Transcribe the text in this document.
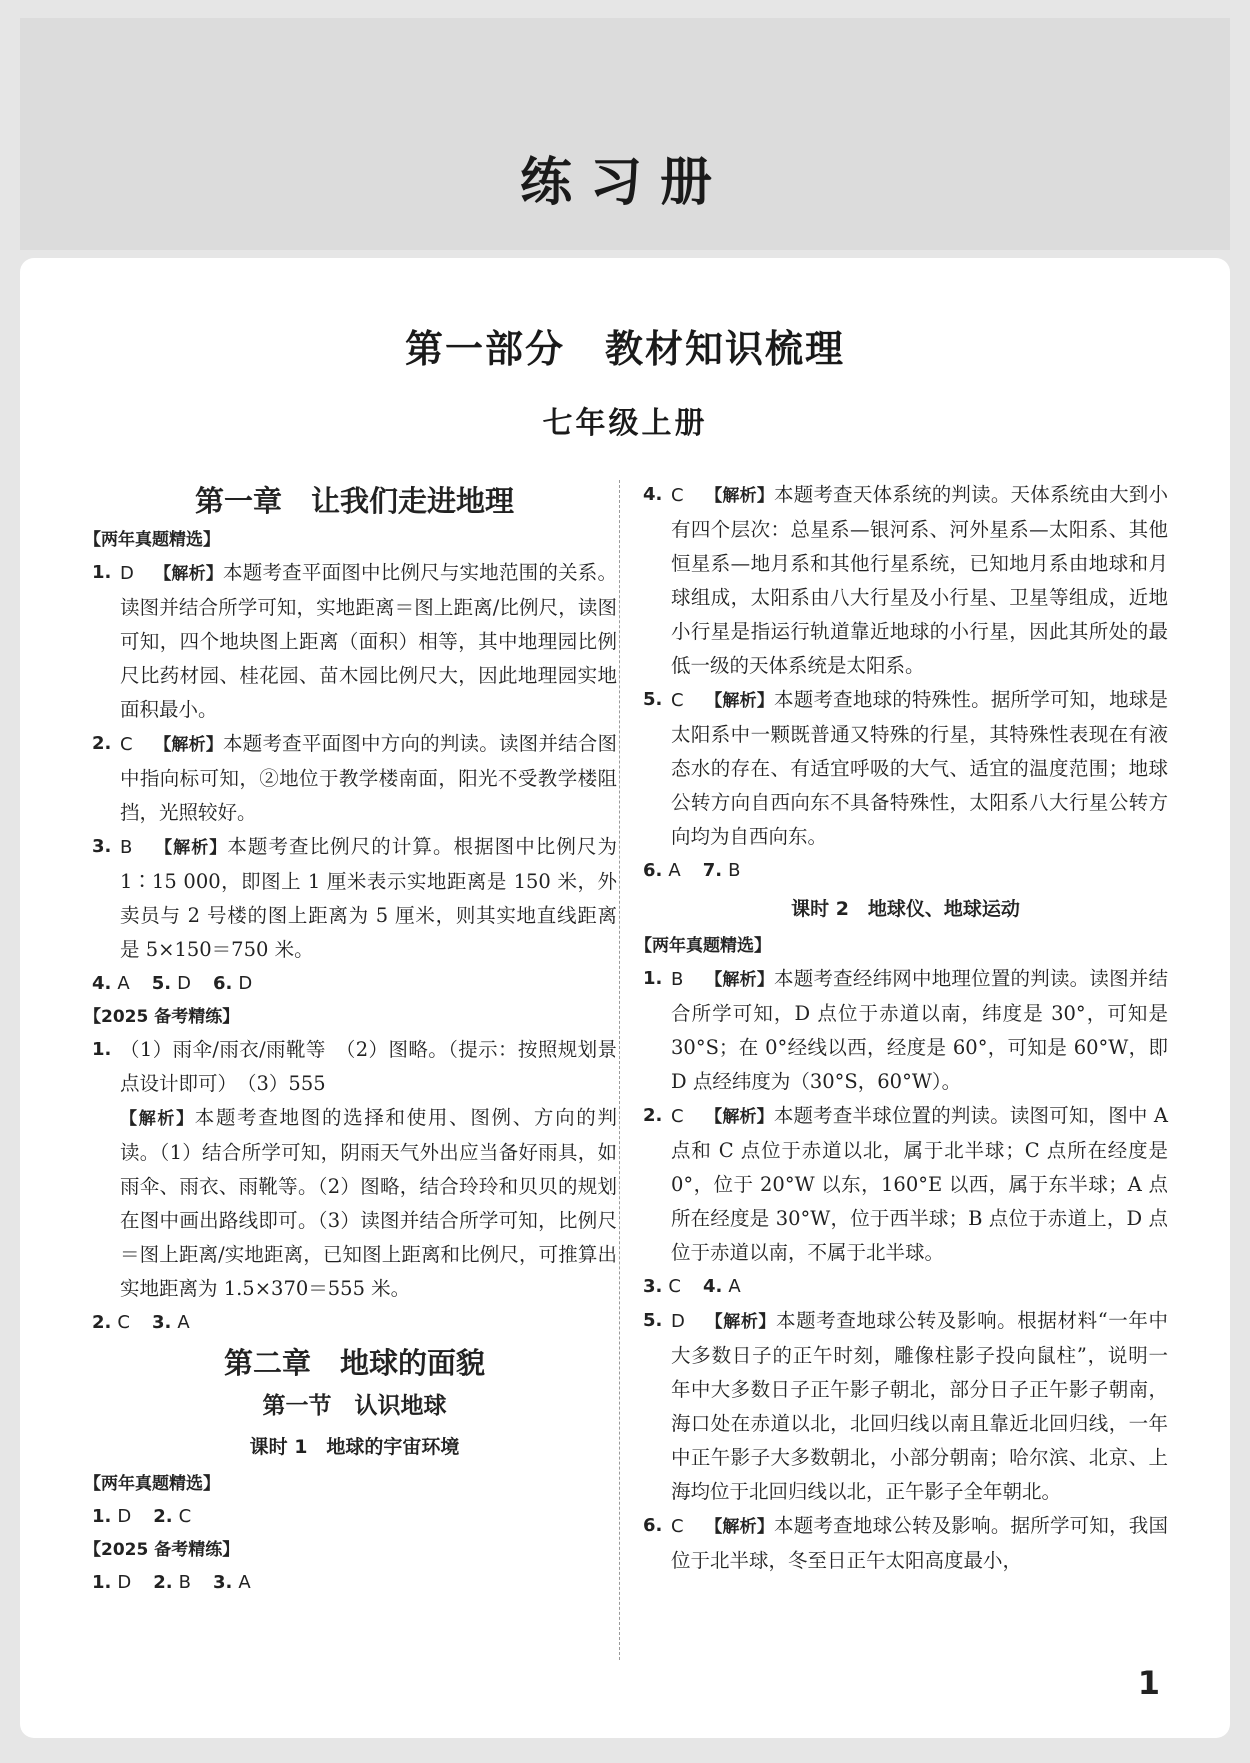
练习册
第一部分 教材知识梳理
七年级上册
第一章　让我们走进地理
【两年真题精选】
1. D 【解析】本题考查平面图中比例尺与实地范围的关系。读图并结合所学可知，实地距离＝图上距离/比例尺，读图可知，四个地块图上距离（面积）相等，其中地理园比例尺比药材园、桂花园、苗木园比例尺大，因此地理园实地面积最小。
2. C 【解析】本题考查平面图中方向的判读。读图并结合图中指向标可知，②地位于教学楼南面，阳光不受教学楼阻挡，光照较好。
3. B 【解析】本题考查比例尺的计算。根据图中比例尺为 1∶15 000，即图上 1 厘米表示实地距离是 150 米，外卖员与 2 号楼的图上距离为 5 厘米，则其实地直线距离是 5×150＝750 米。
4. A 5. D 6. D
【2025 备考精练】
1. （1）雨伞/雨衣/雨靴等　（2）图略。（提示：按照规划景点设计即可）　（3）555
【解析】本题考查地图的选择和使用、图例、方向的判读。（1）结合所学可知，阴雨天气外出应当备好雨具，如雨伞、雨衣、雨靴等。（2）图略，结合玲玲和贝贝的规划在图中画出路线即可。（3）读图并结合所学可知，比例尺＝图上距离/实地距离，已知图上距离和比例尺，可推算出实地距离为 1.5×370＝555 米。
2. C 3. A
第二章　地球的面貌
第一节　认识地球
课时 1　地球的宇宙环境
【两年真题精选】
1. D 2. C
【2025 备考精练】
1. D 2. B 3. A
4. C 【解析】本题考查天体系统的判读。天体系统由大到小有四个层次：总星系—银河系、河外星系—太阳系、其他恒星系—地月系和其他行星系统，已知地月系由地球和月球组成，太阳系由八大行星及小行星、卫星等组成，近地小行星是指运行轨道靠近地球的小行星，因此其所处的最低一级的天体系统是太阳系。
5. C 【解析】本题考查地球的特殊性。据所学可知，地球是太阳系中一颗既普通又特殊的行星，其特殊性表现在有液态水的存在、有适宜呼吸的大气、适宜的温度范围；地球公转方向自西向东不具备特殊性，太阳系八大行星公转方向均为自西向东。
6. A 7. B
课时 2　地球仪、地球运动
【两年真题精选】
1. B 【解析】本题考查经纬网中地理位置的判读。读图并结合所学可知，D 点位于赤道以南，纬度是 30°，可知是 30°S；在 0°经线以西，经度是 60°，可知是 60°W，即 D 点经纬度为（30°S，60°W）。
2. C 【解析】本题考查半球位置的判读。读图可知，图中 A 点和 C 点位于赤道以北，属于北半球；C 点所在经度是 0°，位于 20°W 以东，160°E 以西，属于东半球；A 点所在经度是 30°W，位于西半球；B 点位于赤道上，D 点位于赤道以南，不属于北半球。
3. C 4. A
5. D 【解析】本题考查地球公转及影响。根据材料“一年中大多数日子的正午时刻，雕像柱影子投向鼠柱”，说明一年中大多数日子正午影子朝北，部分日子正午影子朝南，海口处在赤道以北，北回归线以南且靠近北回归线，一年中正午影子大多数朝北，小部分朝南；哈尔滨、北京、上海均位于北回归线以北，正午影子全年朝北。
6. C 【解析】本题考查地球公转及影响。据所学可知，我国位于北半球，冬至日正午太阳高度最小，
1
